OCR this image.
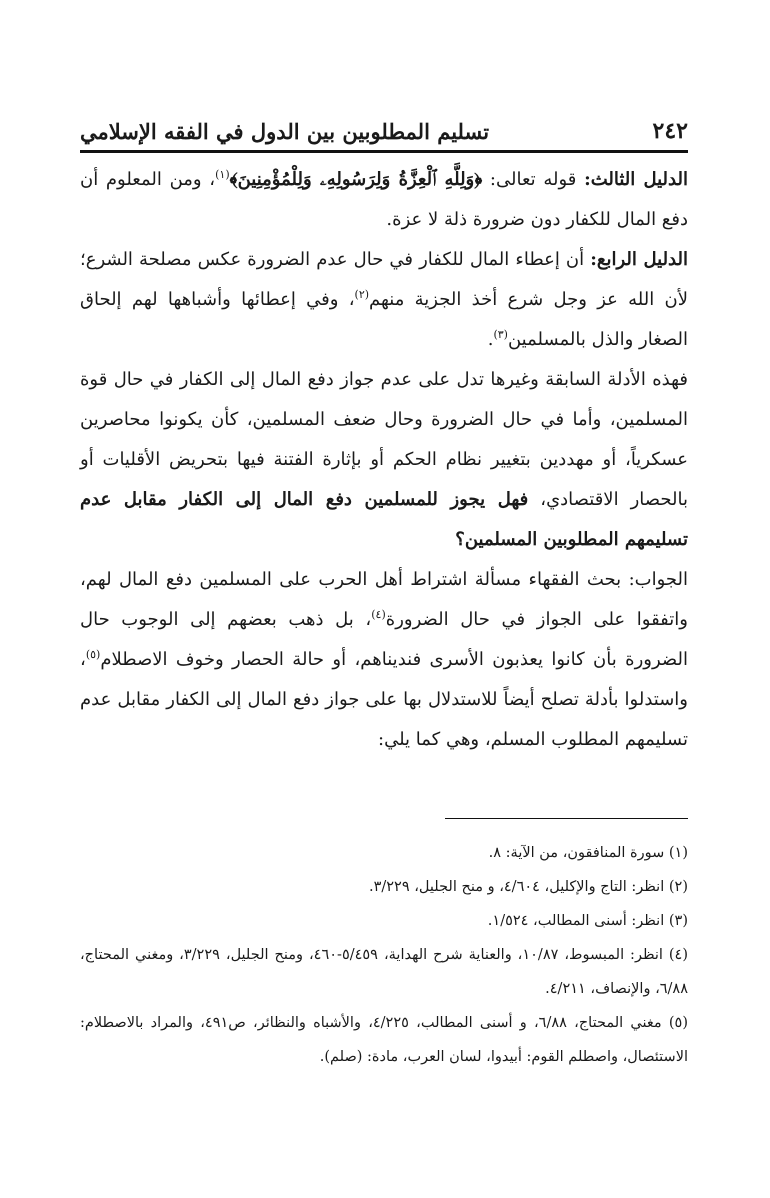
٢٤٢
تسليم المطلوبين بين الدول في الفقه الإسلامي

الدليل الثالث: قوله تعالى: ﴿وَلِلَّهِ ٱلْعِزَّةُ وَلِرَسُولِهِۦ وَلِلْمُؤْمِنِينَ﴾$^{(١)}$، ومن المعلوم أن دفع المال للكفار دون ضرورة ذلة لا عزة.

الدليل الرابع: أن إعطاء المال للكفار في حال عدم الضرورة عكس مصلحة الشرع؛ لأن الله عز وجل شرع أخذ الجزية منهم$^{(٢)}$، وفي إعطائها وأشباهها لهم إلحاق الصغار والذل بالمسلمين$^{(٣)}$.

فهذه الأدلة السابقة وغيرها تدل على عدم جواز دفع المال إلى الكفار في حال قوة المسلمين، وأما في حال الضرورة وحال ضعف المسلمين، كأن يكونوا محاصرين عسكرياً، أو مهددين بتغيير نظام الحكم أو بإثارة الفتنة فيها بتحريض الأقليات أو بالحصار الاقتصادي، فهل يجوز للمسلمين دفع المال إلى الكفار مقابل عدم تسليمهم المطلوبين المسلمين؟

الجواب: بحث الفقهاء مسألة اشتراط أهل الحرب على المسلمين دفع المال لهم، واتفقوا على الجواز في حال الضرورة$^{(٤)}$، بل ذهب بعضهم إلى الوجوب حال الضرورة بأن كانوا يعذبون الأسرى فنديناهم، أو حالة الحصار وخوف الاصطلام$^{(٥)}$، واستدلوا بأدلة تصلح أيضاً للاستدلال بها على جواز دفع المال إلى الكفار مقابل عدم تسليمهم المطلوب المسلم، وهي كما يلي:

(١) سورة المنافقون، من الآية: ٨.

(٢) انظر: التاج والإكليل، ٤/٦٠٤، و منح الجليل، ٣/٢٢٩.

(٣) انظر: أسنى المطالب، ١/٥٢٤.

(٤) انظر: المبسوط، ١٠/٨٧، والعناية شرح الهداية، ٥/٤٥٩-٤٦٠، ومنح الجليل، ٣/٢٢٩، ومغني المحتاج، ٦/٨٨، والإنصاف، ٤/٢١١.

(٥) مغني المحتاج، ٦/٨٨، و أسنى المطالب، ٤/٢٢٥، والأشباه والنظائر، ص٤٩١، والمراد بالاصطلام: الاستئصال، واصطلم القوم: أبيدوا، لسان العرب، مادة: (صلم).
